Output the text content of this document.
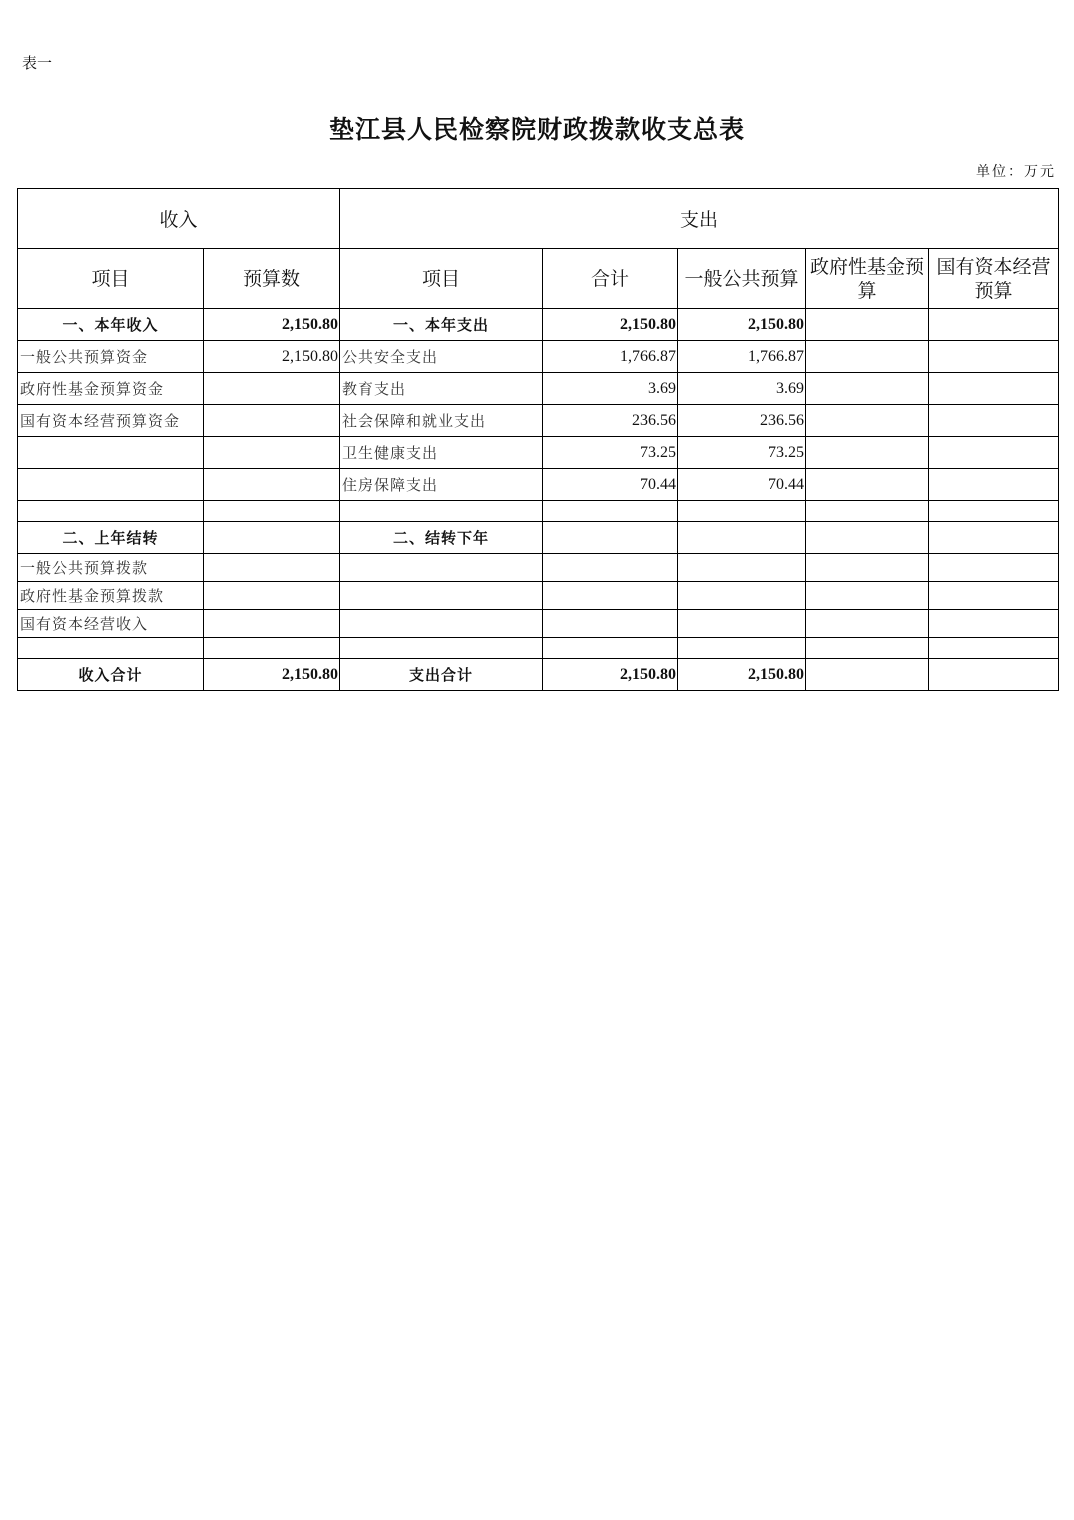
表一
垫江县人民检察院财政拨款收支总表
单位：万元
收入		支出				
项目	预算数	项目	合计	一般公共预算	政府性基金预算	国有资本经营预算
一、本年收入	2,150.80	一、本年支出	2,150.80	2,150.80		
一般公共预算资金	2,150.80	公共安全支出	1,766.87	1,766.87		
政府性基金预算资金		教育支出	3.69	3.69		
国有资本经营预算资金		社会保障和就业支出	236.56	236.56		
		卫生健康支出	73.25	73.25		
		住房保障支出	70.44	70.44		

二、上年结转		二、结转下年				
一般公共预算拨款						
政府性基金预算拨款						
国有资本经营收入						

收入合计	2,150.80	支出合计	2,150.80	2,150.80		
